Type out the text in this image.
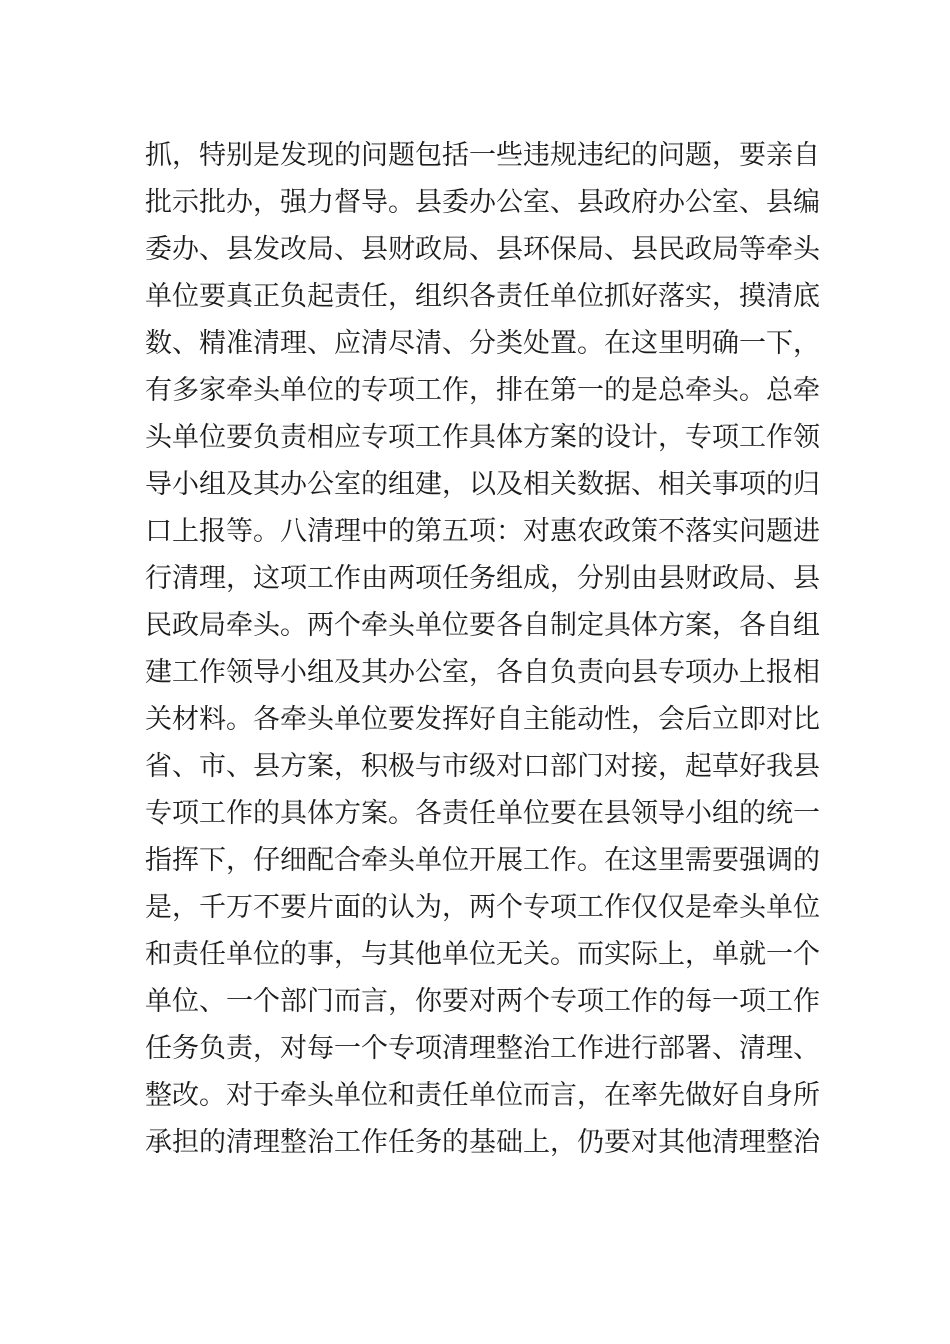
抓，特别是发现的问题包括一些违规违纪的问题，要亲自
批示批办，强力督导。县委办公室、县政府办公室、县编
委办、县发改局、县财政局、县环保局、县民政局等牵头
单位要真正负起责任，组织各责任单位抓好落实，摸清底
数、精准清理、应清尽清、分类处置。在这里明确一下，
有多家牵头单位的专项工作，排在第一的是总牵头。总牵
头单位要负责相应专项工作具体方案的设计，专项工作领
导小组及其办公室的组建，以及相关数据、相关事项的归
口上报等。八清理中的第五项：对惠农政策不落实问题进
行清理，这项工作由两项任务组成，分别由县财政局、县
民政局牵头。两个牵头单位要各自制定具体方案，各自组
建工作领导小组及其办公室，各自负责向县专项办上报相
关材料。各牵头单位要发挥好自主能动性，会后立即对比
省、市、县方案，积极与市级对口部门对接，起草好我县
专项工作的具体方案。各责任单位要在县领导小组的统一
指挥下，仔细配合牵头单位开展工作。在这里需要强调的
是，千万不要片面的认为，两个专项工作仅仅是牵头单位
和责任单位的事，与其他单位无关。而实际上，单就一个
单位、一个部门而言，你要对两个专项工作的每一项工作
任务负责，对每一个专项清理整治工作进行部署、清理、
整改。对于牵头单位和责任单位而言，在率先做好自身所
承担的清理整治工作任务的基础上，仍要对其他清理整治
